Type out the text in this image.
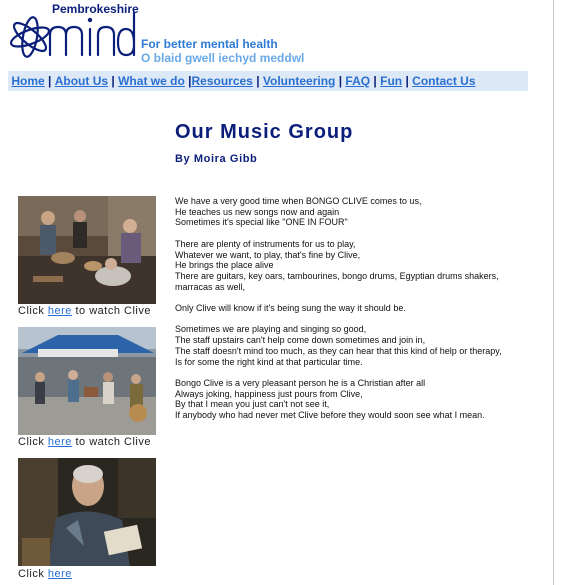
Pembrokeshire
For better mental health
O blaid gwell iechyd meddwl
Home | About Us | What we do |Resources | Volunteering | FAQ | Fun | Contact Us
Our Music Group
By Moira Gibb
Click here to watch Clive
Click here to watch Clive
Click here
We have a very good time when BONGO CLIVE comes to us,
He teaches us new songs now and again
Sometimes it's special like "ONE IN FOUR"
There are plenty of instruments for us to play,
Whatever we want, to play, that's fine by Clive,
He brings the place alive
There are guitars, key oars, tambourines, bongo drums, Egyptian drums shakers,
marracas as well,
Only Clive will know if it's being sung the way it should be.
Sometimes we are playing and singing so good,
The staff upstairs can't help come down sometimes and join in,
The staff doesn't mind too much, as they can hear that this kind of help or therapy,
Is for some the right kind at that particular time.
Bongo Clive is a very pleasant person he is a Christian after all
Always joking, happiness just pours from Clive,
By that I mean you just can't not see it,
If anybody who had never met Clive before they would soon see what I mean.
